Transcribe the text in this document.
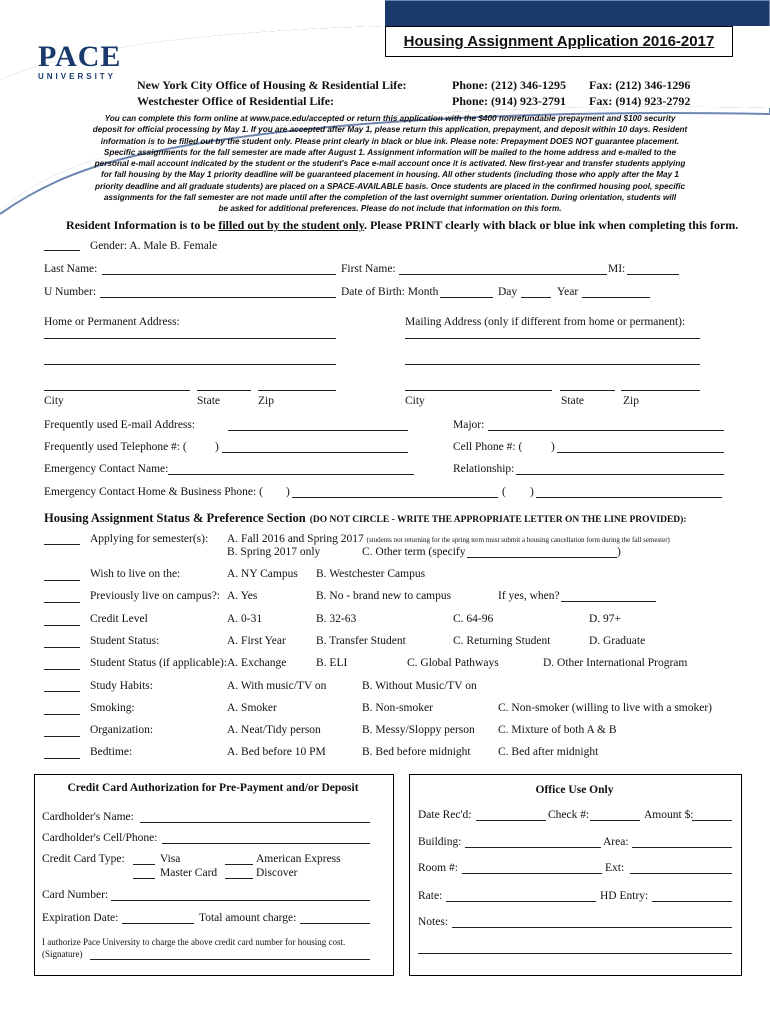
Housing Assignment Application 2016-2017
PACE
UNIVERSITY
New York City Office of Housing & Residential Life:	Phone: (212) 346-1295 Fax: (212) 346-1296
Westchester Office of Residential Life:	Phone: (914) 923-2791 Fax: (914) 923-2792
You can complete this form online at www.pace.edu/accepted or return this application with the $400 nonrefundable prepayment and $100 security
deposit for official processing by May 1. If you are accepted after May 1, please return this application, prepayment, and deposit within 10 days. Resident
information is to be filled out by the student only. Please print clearly in black or blue ink. Please note: Prepayment DOES NOT guarantee placement.
Specific assignments for the fall semester are made after August 1. Assignment information will be mailed to the home address and e-mailed to the
personal e-mail account indicated by the student or the student's Pace e-mail account once it is activated. New first-year and transfer students applying
for fall housing by the May 1 priority deadline will be guaranteed placement in housing. All other students (including those who apply after the May 1
priority deadline and all graduate students) are placed on a SPACE-AVAILABLE basis. Once students are placed in the confirmed housing pool, specific
assignments for the fall semester are not made until after the completion of the last overnight summer orientation. During orientation, students will
be asked for additional preferences. Please do not include that information on this form.
Resident Information is to be filled out by the student only. Please PRINT clearly with black or blue ink when completing this form.
Gender: A. Male B. Female
Last Name:	First Name:	MI:
U Number:	Date of Birth: Month	Day	Year
Home or Permanent Address:	Mailing Address (only if different from home or permanent):
City	State	Zip	City	State	Zip
Frequently used E-mail Address:	Major:
Frequently used Telephone #: ( )	Cell Phone #: ( )
Emergency Contact Name:	Relationship:
Emergency Contact Home & Business Phone: ( )	( )
Housing Assignment Status & Preference Section (DO NOT CIRCLE - WRITE THE APPROPRIATE LETTER ON THE LINE PROVIDED):
Applying for semester(s): A. Fall 2016 and Spring 2017 (students not returning for the spring term must submit a housing cancellation form during the fall semester)
B. Spring 2017 only	C. Other term (specify	)
Wish to live on the:	A. NY Campus B. Westchester Campus
Previously live on campus?: A. Yes	B. No - brand new to campus	If yes, when?
Credit Level	A. 0-31	B. 32-63	C. 64-96	D. 97+
Student Status:	A. First Year	B. Transfer Student	C. Returning Student	D. Graduate
Student Status (if applicable): A. Exchange	B. ELI	C. Global Pathways	D. Other International Program
Study Habits:	A. With music/TV on	B. Without Music/TV on
Smoking:	A. Smoker	B. Non-smoker	C. Non-smoker (willing to live with a smoker)
Organization:	A. Neat/Tidy person	B. Messy/Sloppy person C. Mixture of both A & B
Bedtime:	A. Bed before 10 PM	B. Bed before midnight C. Bed after midnight
Credit Card Authorization for Pre-Payment and/or Deposit
Cardholder's Name:
Cardholder's Cell/Phone:
Credit Card Type:	Visa	American Express
Master Card	Discover
Card Number:
Expiration Date:	Total amount charge:
I authorize Pace University to charge the above credit card number for housing cost.
(Signature)
Office Use Only
Date Rec'd:	Check #:	Amount $:
Building:	Area:
Room #:	Ext:
Rate:	HD Entry:
Notes:
